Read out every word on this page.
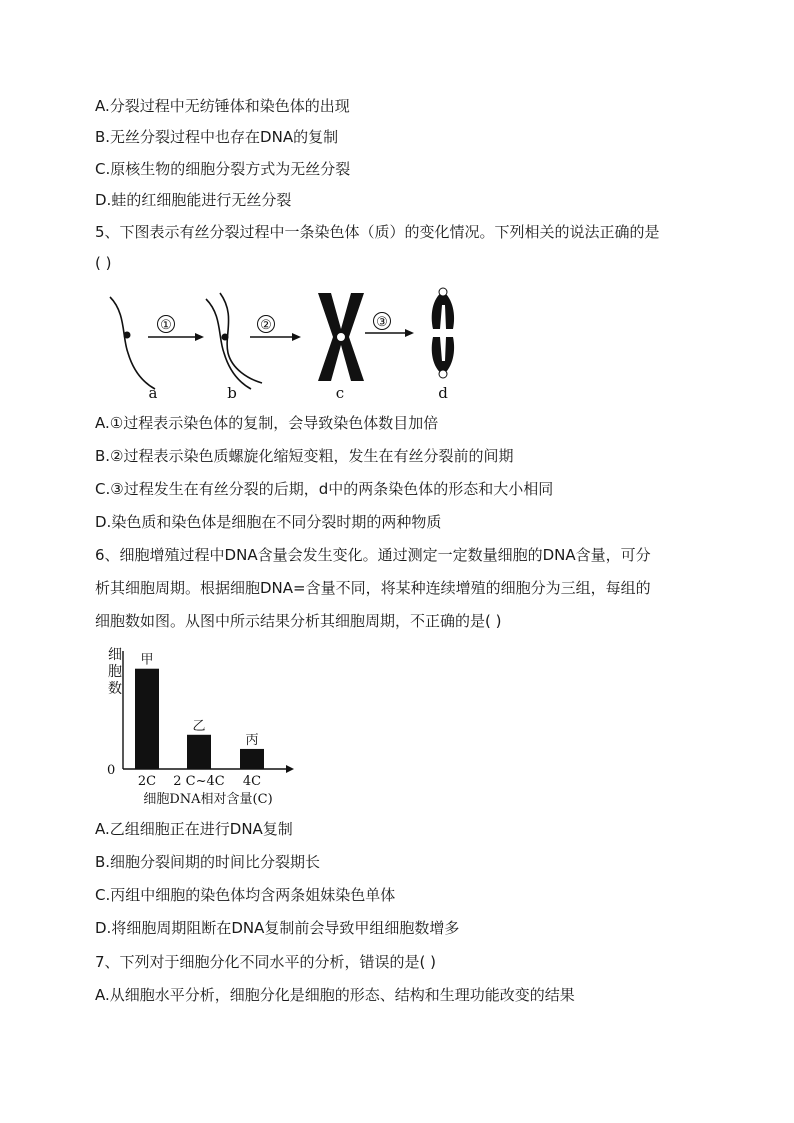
A.分裂过程中无纺锤体和染色体的出现
B.无丝分裂过程中也存在DNA的复制
C.原核生物的细胞分裂方式为无丝分裂
D.蛙的红细胞能进行无丝分裂
5、下图表示有丝分裂过程中一条染色体（质）的变化情况。下列相关的说法正确的是
( )
①	②	③
a	b	c	d
A.①过程表示染色体的复制，会导致染色体数目加倍
B.②过程表示染色质螺旋化缩短变粗，发生在有丝分裂前的间期
C.③过程发生在有丝分裂的后期，d中的两条染色体的形态和大小相同
D.染色质和染色体是细胞在不同分裂时期的两种物质
6、细胞增殖过程中DNA含量会发生变化。通过测定一定数量细胞的DNA含量，可分
析其细胞周期。根据细胞DNA=含量不同，将某种连续增殖的细胞分为三组，每组的
细胞数如图。从图中所示结果分析其细胞周期，不正确的是( )
细胞数
0
甲
2C
乙
2 C~4C
丙
4C
细胞DNA相对含量(C)
A.乙组细胞正在进行DNA复制
B.细胞分裂间期的时间比分裂期长
C.丙组中细胞的染色体均含两条姐妹染色单体
D.将细胞周期阻断在DNA复制前会导致甲组细胞数增多
7、下列对于细胞分化不同水平的分析，错误的是( )
A.从细胞水平分析，细胞分化是细胞的形态、结构和生理功能改变的结果
